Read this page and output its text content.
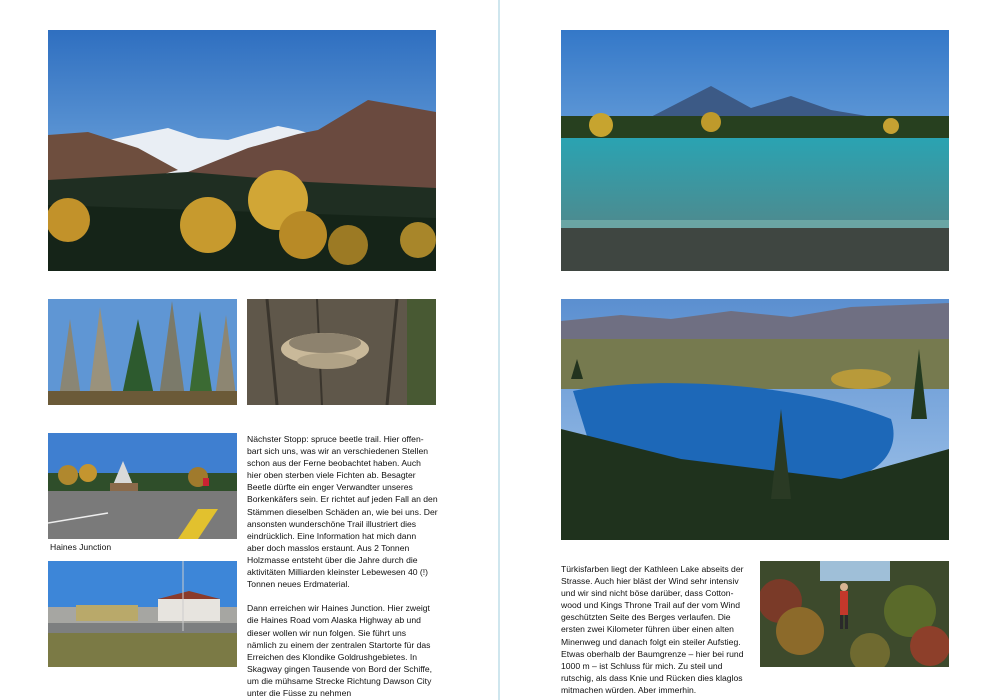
Haines Junction
Nächster Stopp: spruce beetle trail. Hier offen-
bart sich uns, was wir an verschiedenen Stellen
schon aus der Ferne beobachtet haben. Auch
hier oben sterben viele Fichten ab. Besagter
Beetle dürfte ein enger Verwandter unseres
Borkenkäfers sein. Er richtet auf jeden Fall an den
Stämmen dieselben Schäden an, wie bei uns. Der
ansonsten wunderschöne Trail illustriert dies
eindrücklich. Eine Information hat mich dann
aber doch masslos erstaunt. Aus 2 Tonnen
Holzmasse entsteht über die Jahre durch die
aktivitäten Milliarden kleinster Lebewesen 40 (!)
Tonnen neues Erdmaterial.

Dann erreichen wir Haines Junction. Hier zweigt
die Haines Road vom Alaska Highway ab und
dieser wollen wir nun folgen. Sie führt uns
nämlich zu einem der zentralen Startorte für das
Erreichen des Klondike Goldrushgebietes. In
Skagway gingen Tausende von Bord der Schiffe,
um die mühsame Strecke Richtung Dawson City
unter die Füsse zu nehmen
Türkisfarben liegt der Kathleen Lake abseits der
Strasse. Auch hier bläst der Wind sehr intensiv
und wir sind nicht böse darüber, dass Cotton-
wood und Kings Throne Trail auf der vom Wind
geschützten Seite des Berges verlaufen. Die
ersten zwei Kilometer führen über einen alten
Minenweg und danach folgt ein steiler Aufstieg.
Etwas oberhalb der Baumgrenze – hier bei rund
1000 m – ist Schluss für mich. Zu steil und
rutschig, als dass Knie und Rücken dies klaglos
mitmachen würden. Aber immerhin.
